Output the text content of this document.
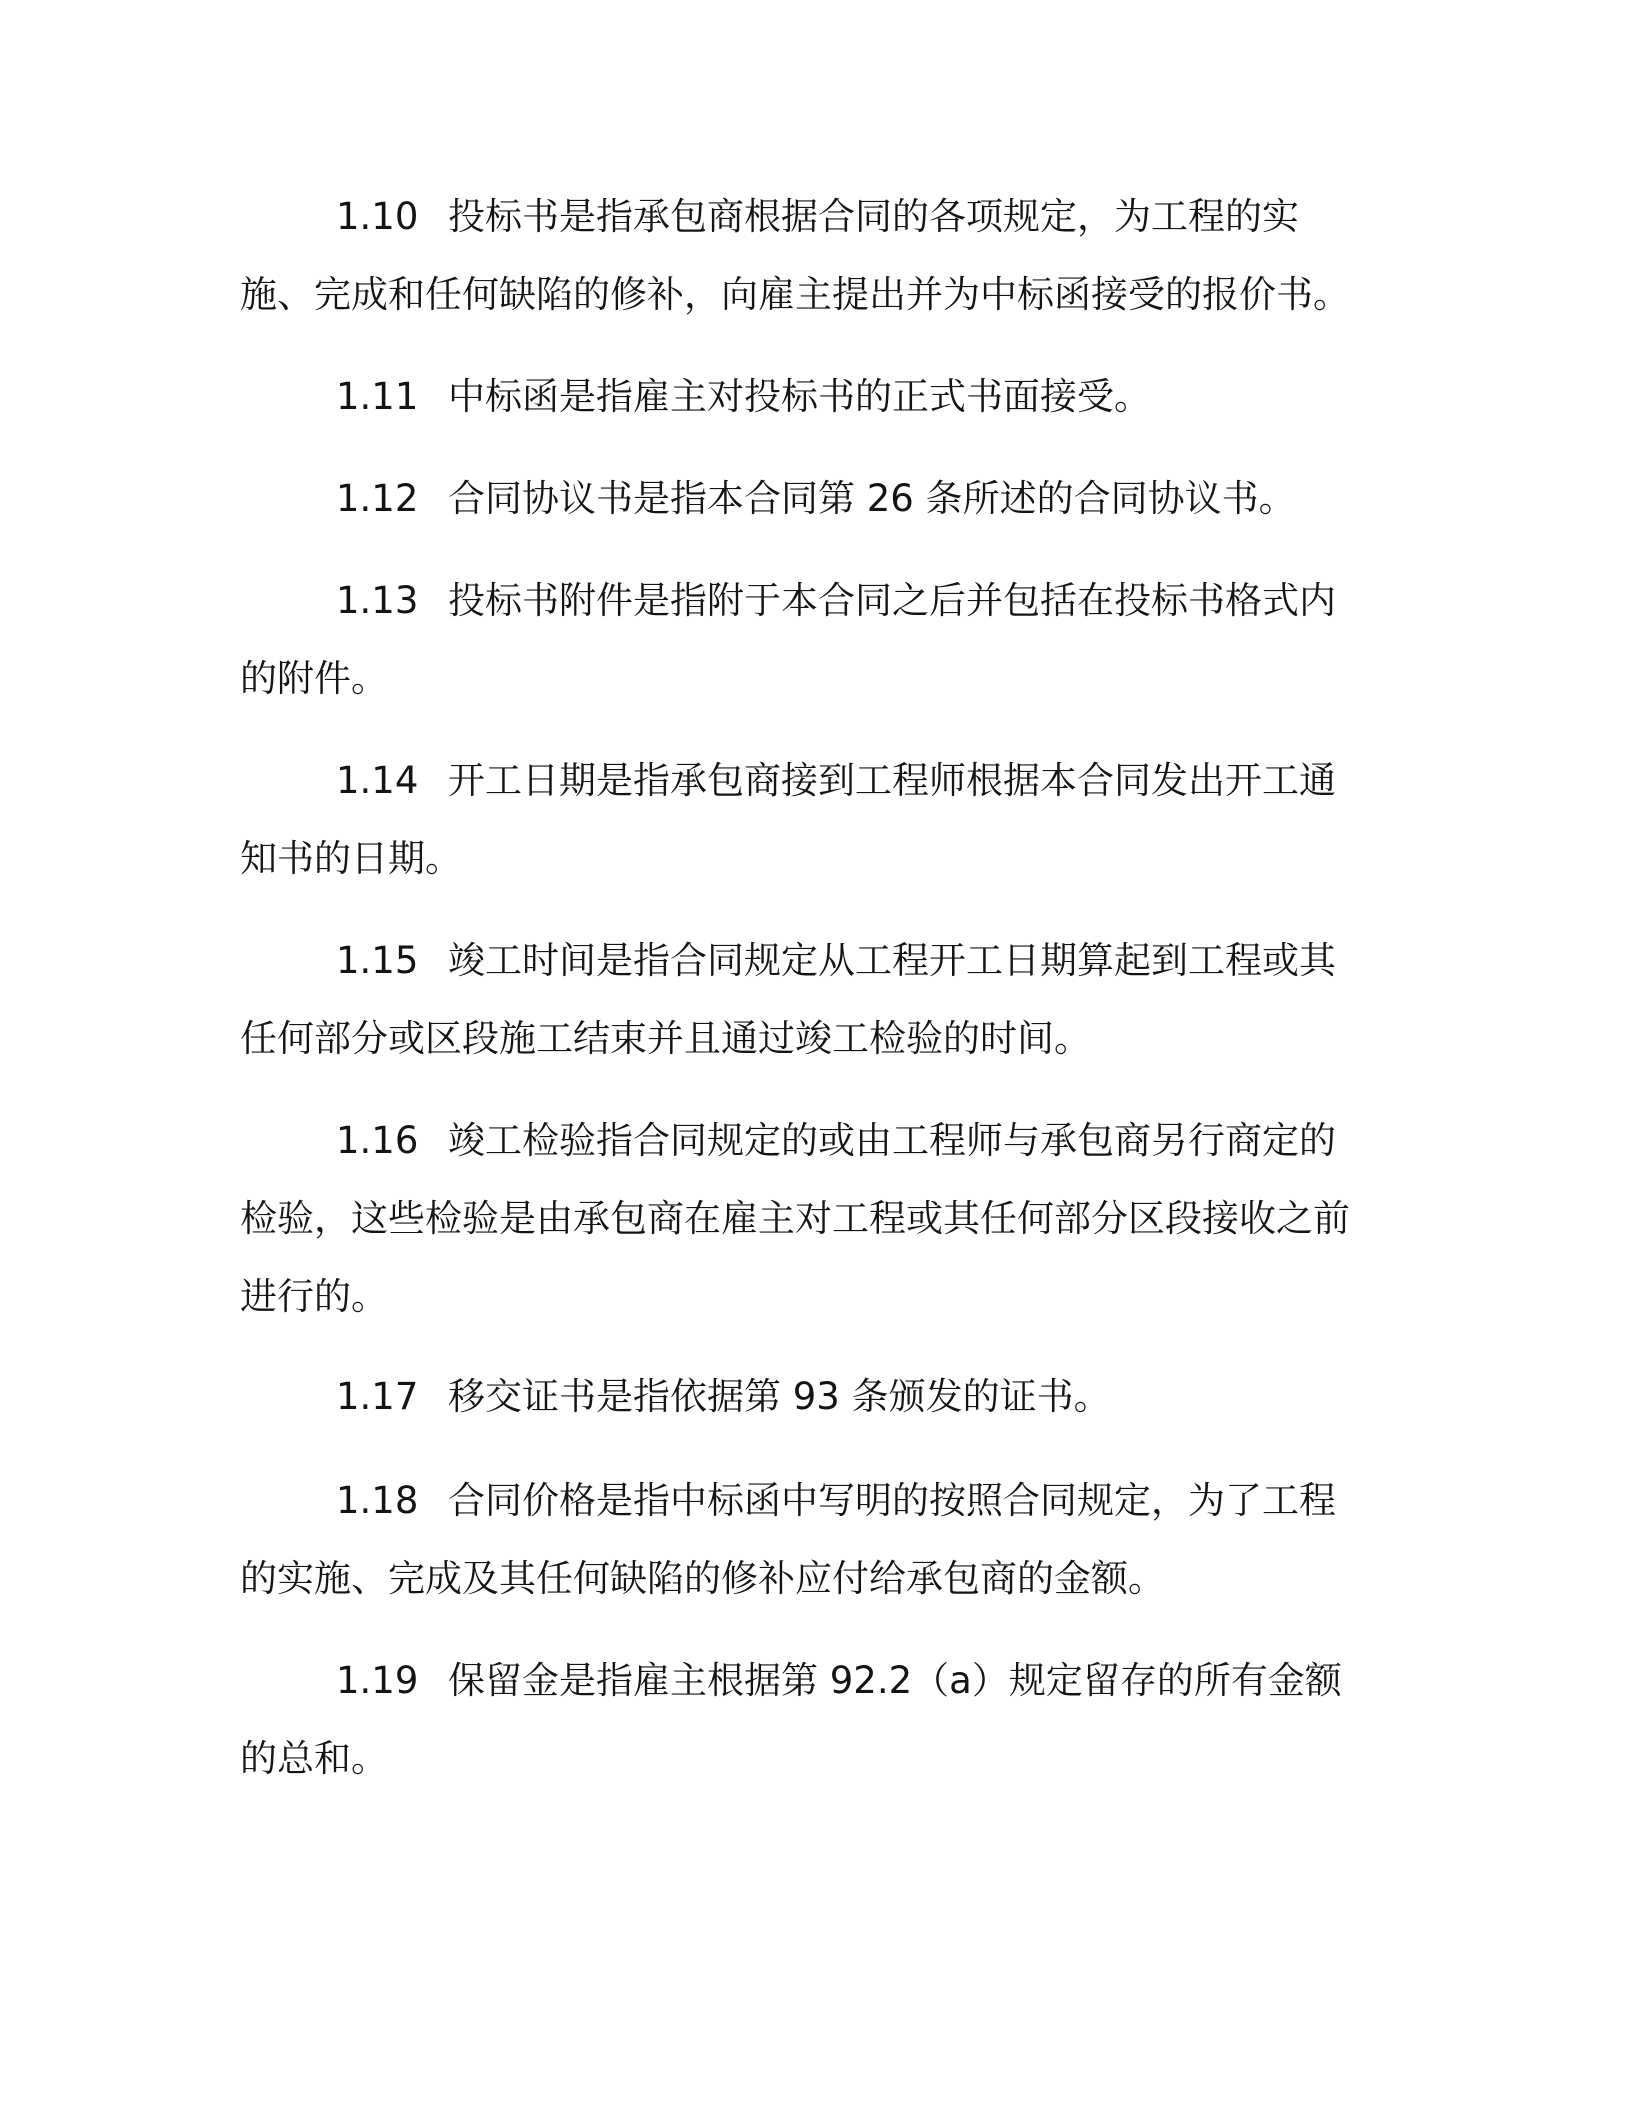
1.10 投标书是指承包商根据合同的各项规定，为工程的实施、完成和任何缺陷的修补，向雇主提出并为中标函接受的报价书。

1.11 中标函是指雇主对投标书的正式书面接受。

1.12 合同协议书是指本合同第 26 条所述的合同协议书。

1.13 投标书附件是指附于本合同之后并包括在投标书格式内的附件。

1.14 开工日期是指承包商接到工程师根据本合同发出开工通知书的日期。

1.15 竣工时间是指合同规定从工程开工日期算起到工程或其任何部分或区段施工结束并且通过竣工检验的时间。

1.16 竣工检验指合同规定的或由工程师与承包商另行商定的检验，这些检验是由承包商在雇主对工程或其任何部分区段接收之前进行的。

1.17 移交证书是指依据第 93 条颁发的证书。

1.18 合同价格是指中标函中写明的按照合同规定，为了工程的实施、完成及其任何缺陷的修补应付给承包商的金额。

1.19 保留金是指雇主根据第 92.2（a）规定留存的所有金额的总和。
